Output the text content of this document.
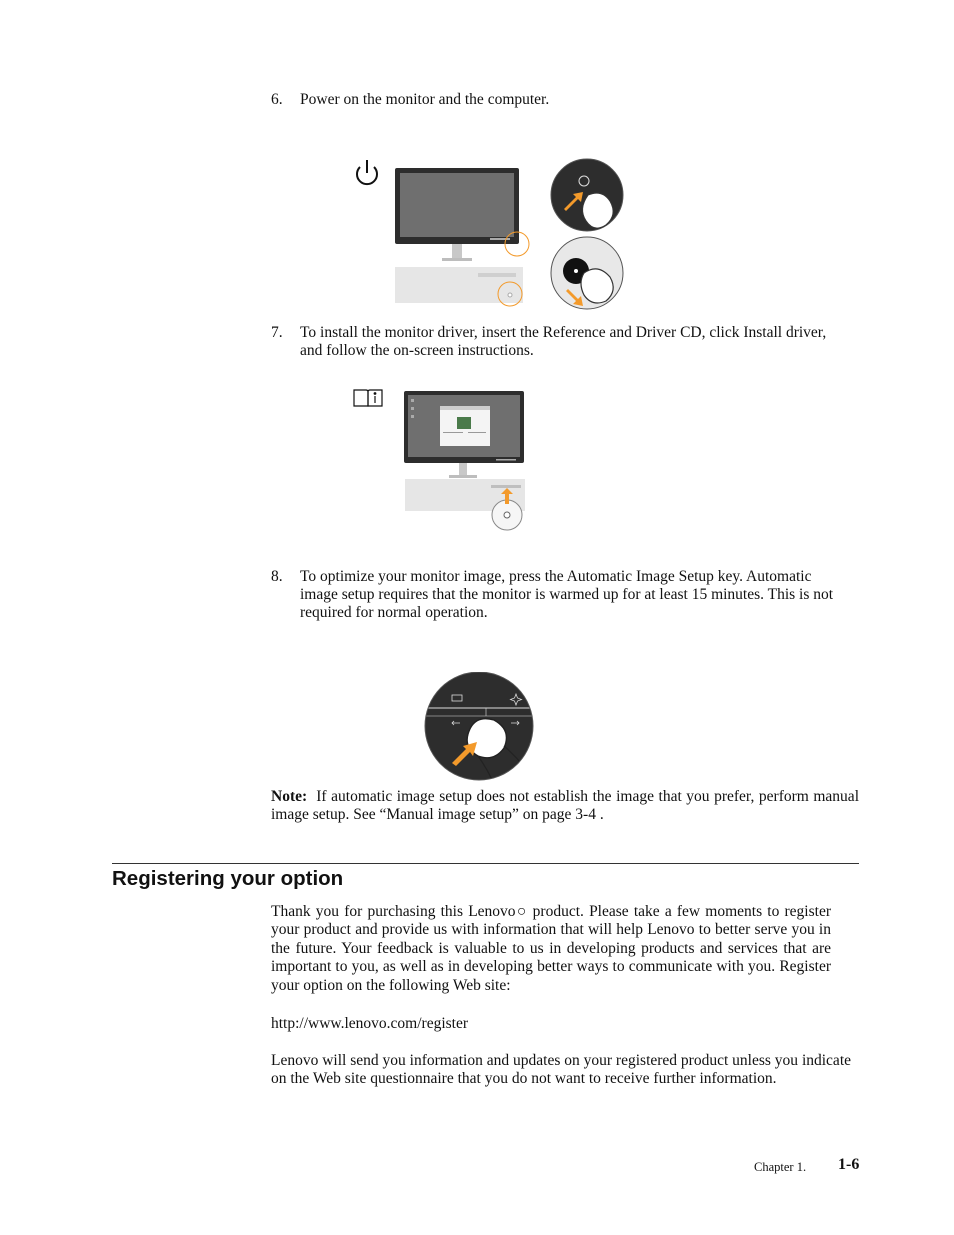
6. Power on the monitor and the computer.
7. To install the monitor driver, insert the Reference and Driver CD, click Install driver, and follow the on-screen instructions.
8. To optimize your monitor image, press the Automatic Image Setup key. Automatic image setup requires that the monitor is warmed up for at least 15 minutes. This is not required for normal operation.
Note: If automatic image setup does not establish the image that you prefer, perform manual image setup. See “Manual image setup” on page 3-4 .
Registering your option
Thank you for purchasing this Lenovo○ product. Please take a few moments to register your product and provide us with information that will help Lenovo to better serve you in the future. Your feedback is valuable to us in developing products and services that are important to you, as well as in developing better ways to communicate with you. Register your option on the following Web site:
http://www.lenovo.com/register
Lenovo will send you information and updates on your registered product unless you indicate on the Web site questionnaire that you do not want to receive further information.
Chapter 1. 1-6
